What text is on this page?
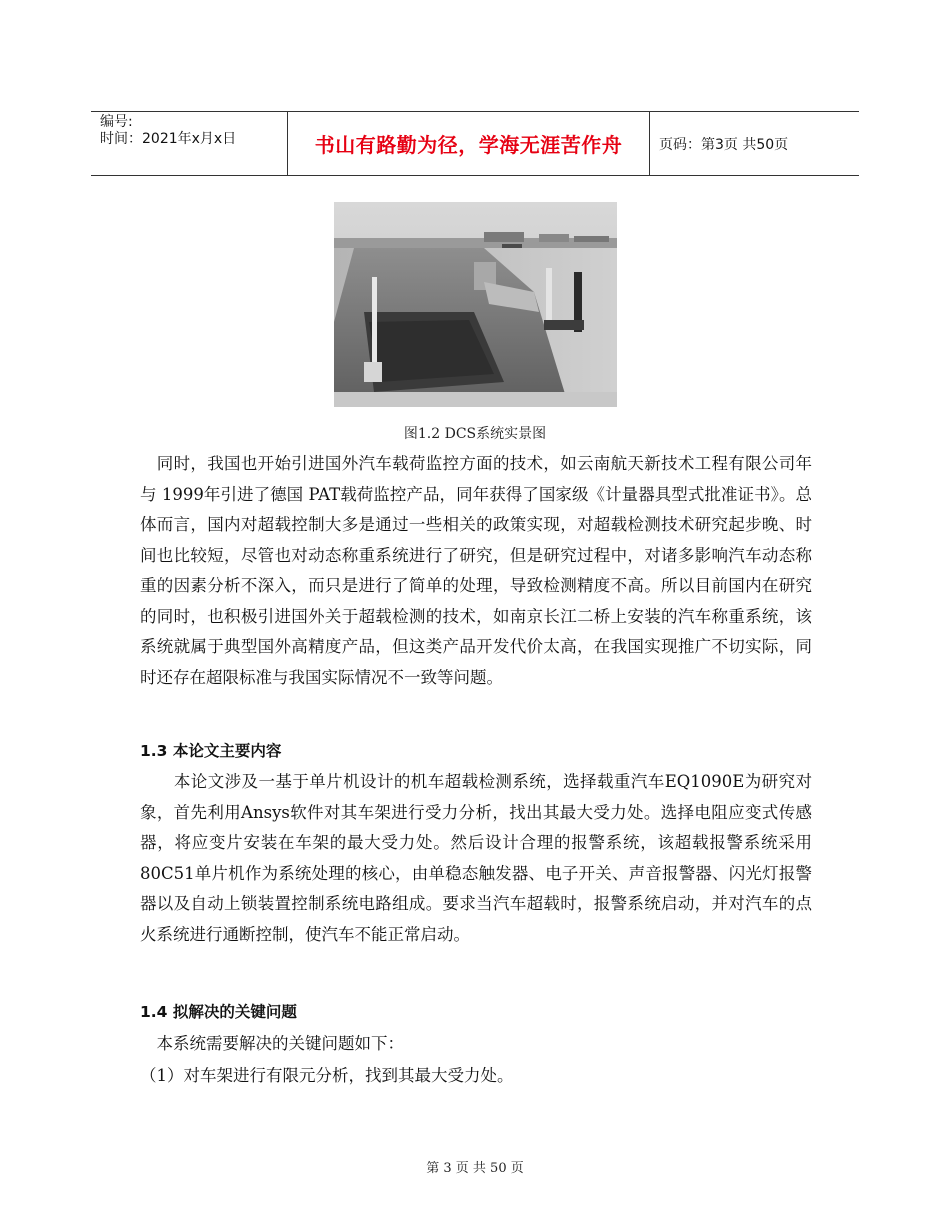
编号:
时间：2021年x月x日	书山有路勤为径，学海无涯苦作舟	页码：第3页 共50页
图1.2 DCS系统实景图

　同时，我国也开始引进国外汽车载荷监控方面的技术，如云南航天新技术工程有限公司年与 1999年引进了德国 PAT载荷监控产品，同年获得了国家级《计量器具型式批准证书》。总体而言，国内对超载控制大多是通过一些相关的政策实现，对超载检测技术研究起步晚、时间也比较短，尽管也对动态称重系统进行了研究，但是研究过程中，对诸多影响汽车动态称重的因素分析不深入，而只是进行了简单的处理，导致检测精度不高。所以目前国内在研究的同时，也积极引进国外关于超载检测的技术，如南京长江二桥上安装的汽车称重系统，该系统就属于典型国外高精度产品，但这类产品开发代价太高，在我国实现推广不切实际，同时还存在超限标准与我国实际情况不一致等问题。

1.3 本论文主要内容

　　本论文涉及一基于单片机设计的机车超载检测系统，选择载重汽车EQ1090E为研究对象，首先利用Ansys软件对其车架进行受力分析，找出其最大受力处。选择电阻应变式传感器，将应变片安装在车架的最大受力处。然后设计合理的报警系统，该超载报警系统采用80C51单片机作为系统处理的核心，由单稳态触发器、电子开关、声音报警器、闪光灯报警器以及自动上锁装置控制系统电路组成。要求当汽车超载时，报警系统启动，并对汽车的点火系统进行通断控制，使汽车不能正常启动。

1.4 拟解决的关键问题

　本系统需要解决的关键问题如下：

（1）对车架进行有限元分析，找到其最大受力处。

第 3 页 共 50 页
